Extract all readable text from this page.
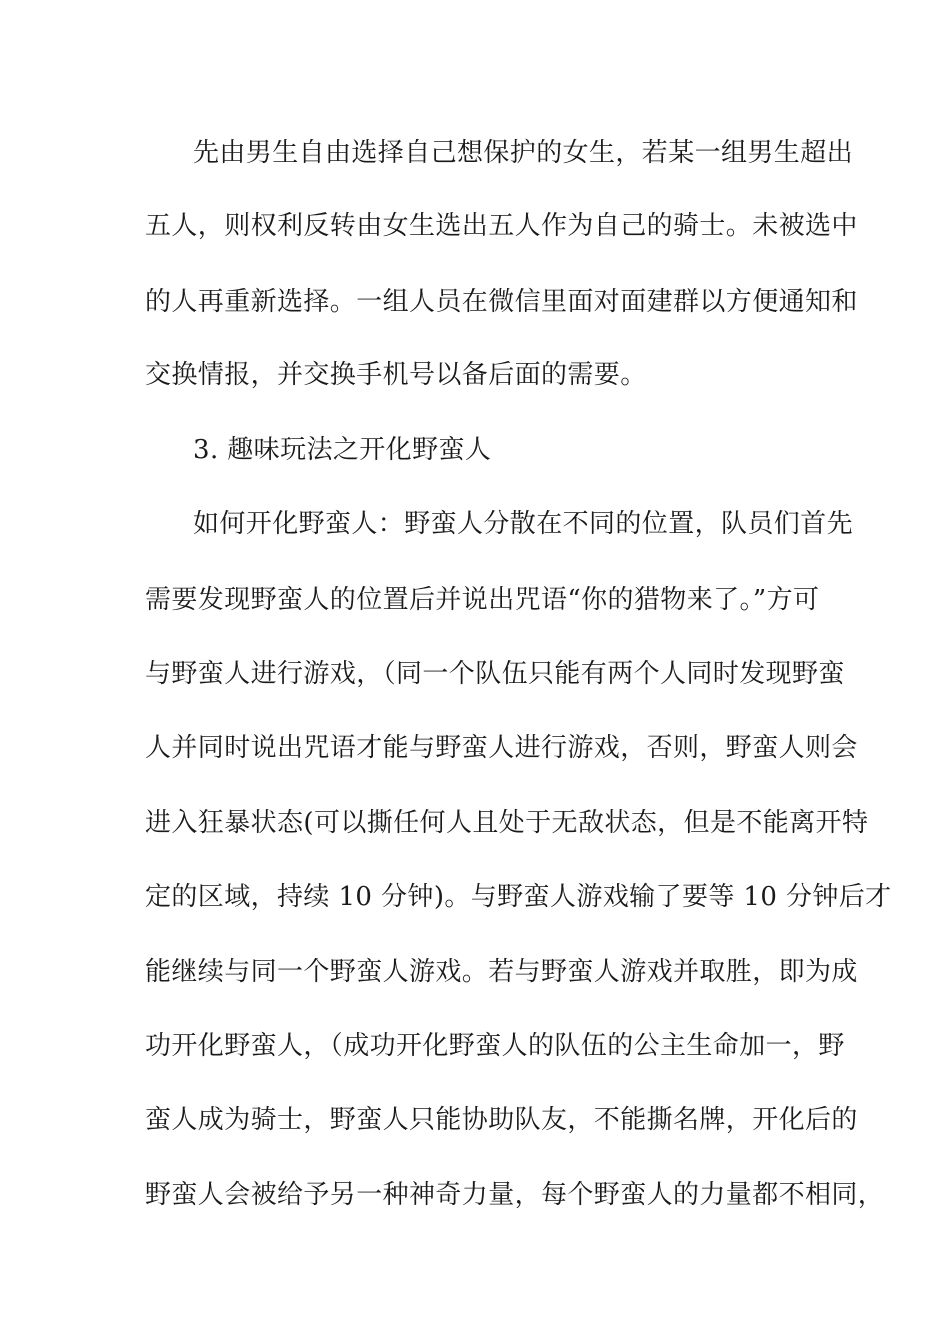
先由男生自由选择自己想保护的女生，若某一组男生超出
五人，则权利反转由女生选出五人作为自己的骑士。未被选中
的人再重新选择。一组人员在微信里面对面建群以方便通知和
交换情报，并交换手机号以备后面的需要。
3. 趣味玩法之开化野蛮人
如何开化野蛮人：野蛮人分散在不同的位置，队员们首先
需要发现野蛮人的位置后并说出咒语“你的猎物来了。”方可
与野蛮人进行游戏，（同一个队伍只能有两个人同时发现野蛮
人并同时说出咒语才能与野蛮人进行游戏，否则，野蛮人则会
进入狂暴状态(可以撕任何人且处于无敌状态，但是不能离开特
定的区域，持续 10 分钟)。与野蛮人游戏输了要等 10 分钟后才
能继续与同一个野蛮人游戏。若与野蛮人游戏并取胜，即为成
功开化野蛮人，（成功开化野蛮人的队伍的公主生命加一，野
蛮人成为骑士，野蛮人只能协助队友，不能撕名牌，开化后的
野蛮人会被给予另一种神奇力量，每个野蛮人的力量都不相同，
